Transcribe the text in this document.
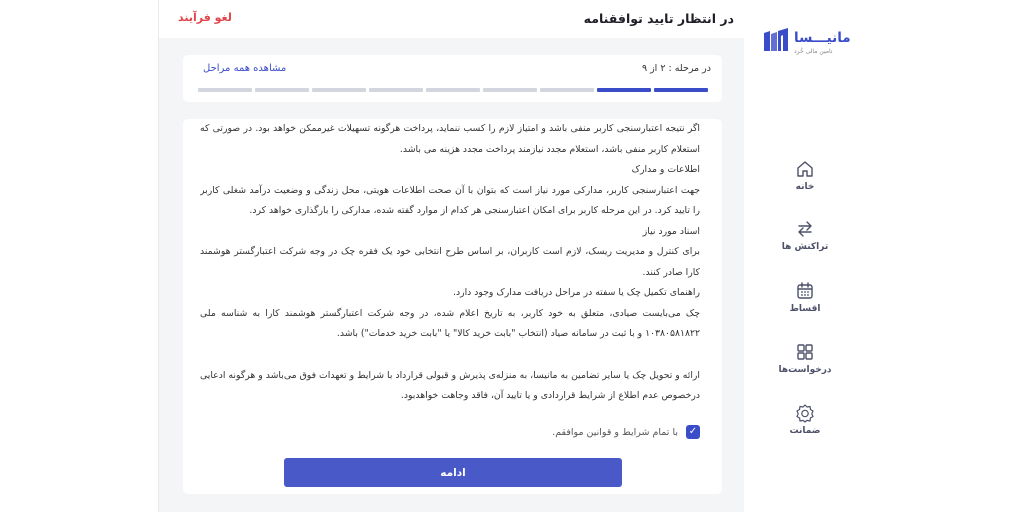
در انتظار تایید توافقنامه
لغو فرآیند
در مرحله : ۲ از ۹
مشاهده همه مراحل

اگر نتیجه اعتبارسنجی کاربر منفی باشد و امتیاز لازم را کسب ننماید، پرداخت هرگونه تسهیلات غیرممکن خواهد بود. در صورتی که استعلام کاربر منفی باشد، استعلام مجدد نیازمند پرداخت مجدد هزینه می باشد.

اطلاعات و مدارک

جهت اعتبارسنجی کاربر، مدارکی مورد نیاز است که بتوان با آن صحت اطلاعات هویتی، محل زندگی و وضعیت درآمد شغلی کاربر را تایید کرد. در این مرحله کاربر برای امکان اعتبارسنجی هر کدام از موارد گفته شده، مدارکی را بارگذاری خواهد کرد.

اسناد مورد نیاز

برای کنترل و مدیریت ریسک، لازم است کاربران، بر اساس طرح انتخابی خود یک فقره چک در وجه شرکت اعتبارگستر هوشمند کارا صادر کنند.

راهنمای تکمیل چک یا سفته در مراحل دریافت مدارک وجود دارد.

چک می‌بایست صیادی، متعلق به خود کاربر، به تاریخ اعلام شده، در وجه شرکت اعتبارگستر هوشمند کارا به شناسه ملی ۱۰۳۸۰۵۸۱۸۲۲ و با ثبت در سامانه صیاد (انتخاب "بابت خرید کالا" یا "بابت خرید خدمات") باشد.

ارائه و تحویل چک یا سایر تضامین به مانیسا، به منزله‌ی پذیرش و قبولی قرارداد با شرایط و تعهدات فوق می‌باشد و هرگونه ادعایی درخصوص عدم اطلاع از شرایط قراردادی و یا تایید آن، فاقد وجاهت خواهدبود.

✓
با تمام شرایط و قوانین موافقم.
ادامه
مانیـــسا
تامین مالی خُرد
خانه
تراکنش ها
اقساط
درخواست‌ها
ضمانت
